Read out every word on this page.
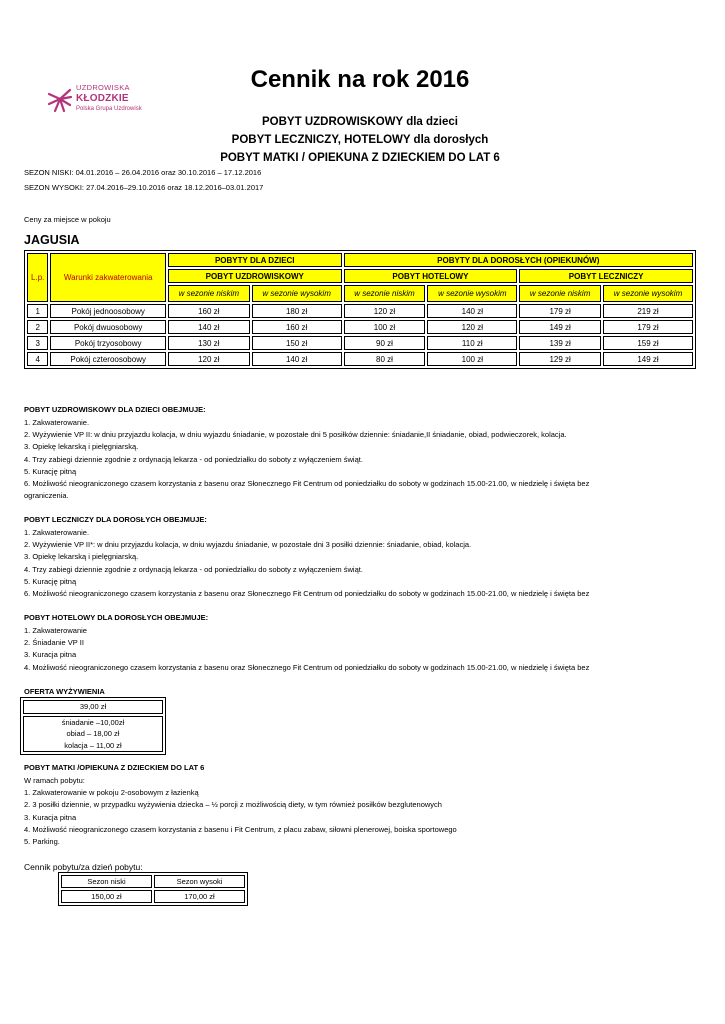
UZDROWISKA
KŁODZKIE
Polska Grupa Uzdrowisk
Cennik na rok 2016
POBYT UZDROWISKOWY dla dzieci
POBYT LECZNICZY, HOTELOWY dla dorosłych
POBYT MATKI / OPIEKUNA Z DZIECKIEM DO LAT 6
SEZON NISKI: 04.01.2016 – 26.04.2016 oraz 30.10.2016 – 17.12.2016
SEZON WYSOKI: 27.04.2016–29.10.2016 oraz 18.12.2016–03.01.2017
Ceny za miejsce w pokoju
JAGUSIA
L.p.	Warunki zakwaterowania	POBYTY DLA DZIECI		POBYTY DLA DOROSŁYCH (OPIEKUNÓW)			
		POBYT UZDROWISKOWY		POBYT HOTELOWY		POBYT LECZNICZY	
		w sezonie niskim	w sezonie wysokim	w sezonie niskim	w sezonie wysokim	w sezonie niskim	w sezonie wysokim
1	Pokój jednoosobowy	160 zł	180 zł	120 zł	140 zł	179 zł	219 zł
2	Pokój dwuosobowy	140 zł	160 zł	100 zł	120 zł	149 zł	179 zł
3	Pokój trzyosobowy	130 zł	150 zł	90 zł	110 zł	139 zł	159 zł
4	Pokój czteroosobowy	120 zł	140 zł	80 zł	100 zł	129 zł	149 zł
POBYT UZDROWISKOWY DLA DZIECI OBEJMUJE:
1. Zakwaterowanie.
2. Wyżywienie VP II: w dniu przyjazdu kolacja, w dniu wyjazdu śniadanie, w pozostałe dni 5 posiłków dziennie: śniadanie,II śniadanie, obiad, podwieczorek, kolacja.
3. Opiekę lekarską i pielęgniarską.
4. Trzy zabiegi dziennie zgodnie z ordynacją lekarza - od poniedziałku do soboty z wyłączeniem świąt.
5. Kurację pitną
6. Możliwość nieograniczonego czasem korzystania z basenu oraz Słonecznego Fit Centrum od poniedziałku do soboty w godzinach 15.00-21.00, w niedzielę i święta bez
ograniczenia.
POBYT LECZNICZY DLA DOROSŁYCH OBEJMUJE:
1. Zakwaterowanie.
2. Wyżywienie VP II*: w dniu przyjazdu kolacja, w dniu wyjazdu śniadanie, w pozostałe dni 3 posiłki dziennie: śniadanie, obiad, kolacja.
3. Opiekę lekarską i pielęgniarską.
4. Trzy zabiegi dziennie zgodnie z ordynacją lekarza - od poniedziałku do soboty z wyłączeniem świąt.
5. Kurację pitną
6. Możliwość nieograniczonego czasem korzystania z basenu oraz Słonecznego Fit Centrum od poniedziałku do soboty w godzinach 15.00-21.00, w niedzielę i święta bez
POBYT HOTELOWY DLA DOROSŁYCH OBEJMUJE:
1. Zakwaterowanie
2. Śniadanie VP II
3. Kuracja pitna
4. Możliwość nieograniczonego czasem korzystania z basenu oraz Słonecznego Fit Centrum od poniedziałku do soboty w godzinach 15.00-21.00, w niedzielę i święta bez
OFERTA WYŻYWIENIA
39,00 zł

śniadanie –10,00zł
obiad – 18,00 zł
kolacja – 11,00 zł
POBYT MATKI /OPIEKUNA Z DZIECKIEM DO LAT 6
W ramach pobytu:
1. Zakwaterowanie w pokoju 2-osobowym z łazienką
2. 3 posiłki dziennie, w przypadku wyżywienia dziecka – ½ porcji z możliwością diety, w tym również posiłków bezglutenowych
3. Kuracja pitna
4. Możliwość nieograniczonego czasem korzystania z basenu i Fit Centrum, z placu zabaw, siłowni plenerowej, boiska sportowego
5. Parking.
Cennik pobytu/za dzień pobytu:
Sezon niski	Sezon wysoki
150,00 zł	170,00 zł
